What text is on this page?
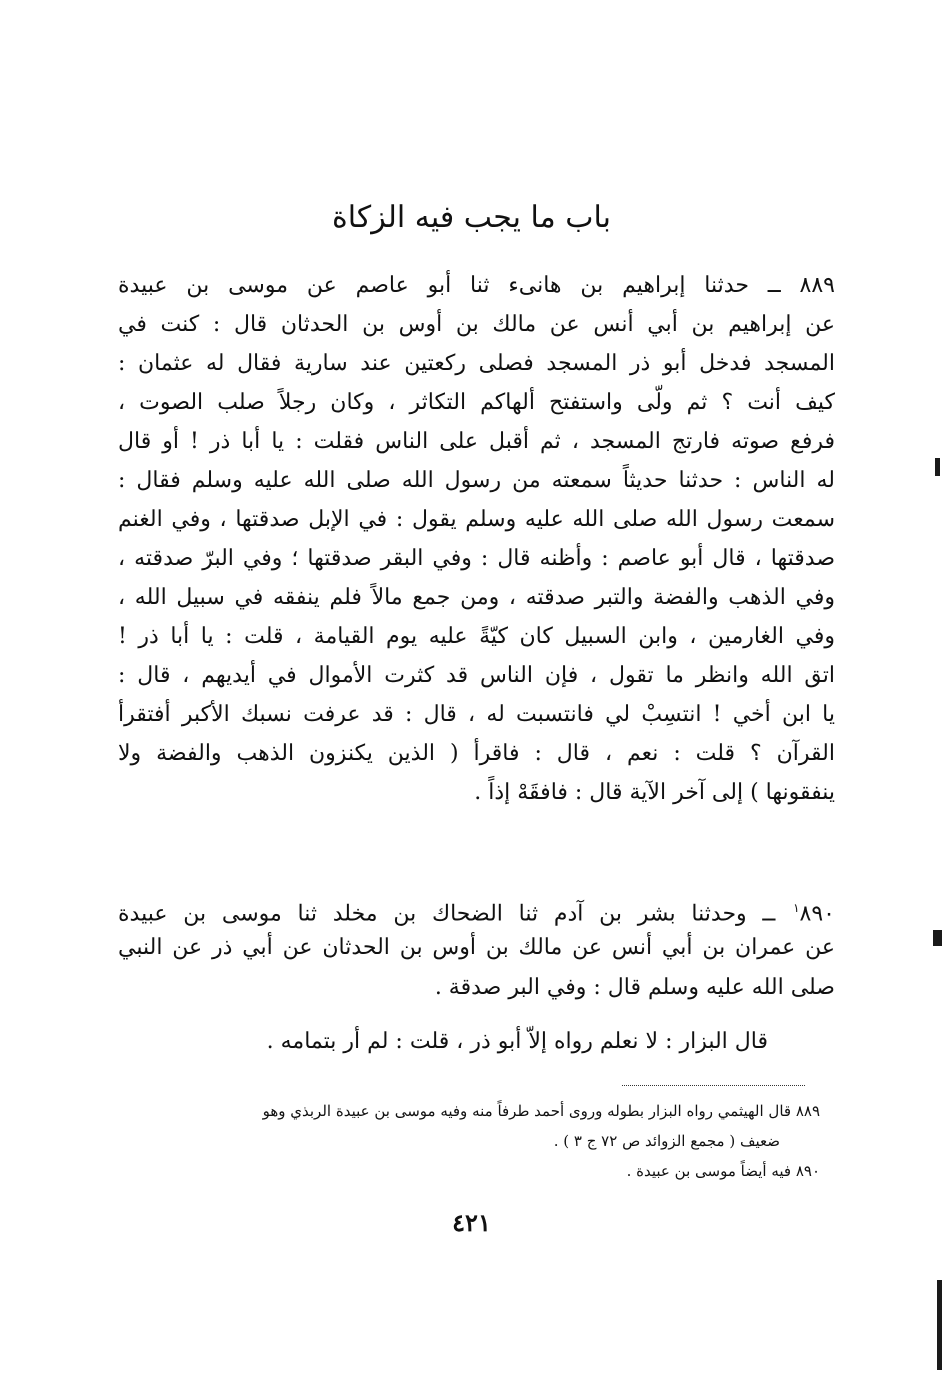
باب ما يجب فيه الزكاة
٨٨٩ ــ حدثنا إبراهيم بن هانىء ثنا أبو عاصم عن موسى بن عبيدة
عن إبراهيم بن أبي أنس عن مالك بن أوس بن الحدثان قال : كنت في
المسجد فدخل أبو ذر المسجد فصلى ركعتين عند سارية فقال له عثمان :
كيف أنت ؟ ثم ولّى واستفتح ألهاكم التكاثر ، وكان رجلاً صلب الصوت ،
فرفع صوته فارتج المسجد ، ثم أقبل على الناس فقلت : يا أبا ذر ! أو قال
له الناس : حدثنا حديثاً سمعته من رسول الله صلى الله عليه وسلم فقال :
سمعت رسول الله صلى الله عليه وسلم يقول : في الإبل صدقتها ، وفي الغنم
صدقتها ، قال أبو عاصم : وأظنه قال : وفي البقر صدقتها ؛ وفي البرّ صدقته ،
وفي الذهب والفضة والتبر صدقته ، ومن جمع مالاً فلم ينفقه في سبيل الله ،
وفي الغارمين ، وابن السبيل كان كيّةً عليه يوم القيامة ، قلت : يا أبا ذر !
اتق الله وانظر ما تقول ، فإن الناس قد كثرت الأموال في أيديهم ، قال :
يا ابن أخي ! انتسِبْ لي فانتسبت له ، قال : قد عرفت نسبك الأكبر أفتقرأ
القرآن ؟ قلت : نعم ، قال : فاقرأ ( الذين يكنزون الذهب والفضة ولا
ينفقونها ) إلى آخر الآية قال : فافقَهْ إذاً .
$^١$٨٩٠ ــ وحدثنا بشر بن آدم ثنا الضحاك بن مخلد ثنا موسى بن عبيدة
عن عمران بن أبي أنس عن مالك بن أوس بن الحدثان عن أبي ذر عن النبي
صلى الله عليه وسلم قال : وفي البر صدقة .
قال البزار : لا نعلم رواه إلاّ أبو ذر ، قلت : لم أر بتمامه .
٨٨٩ قال الهيثمي رواه البزار بطوله وروى أحمد طرفاً منه وفيه موسى بن عبيدة الربذي وهو
ضعيف ( مجمع الزوائد ص ٧٢ ج ٣ ) .
٨٩٠ فيه أيضاً موسى بن عبيدة .
٤٢١
